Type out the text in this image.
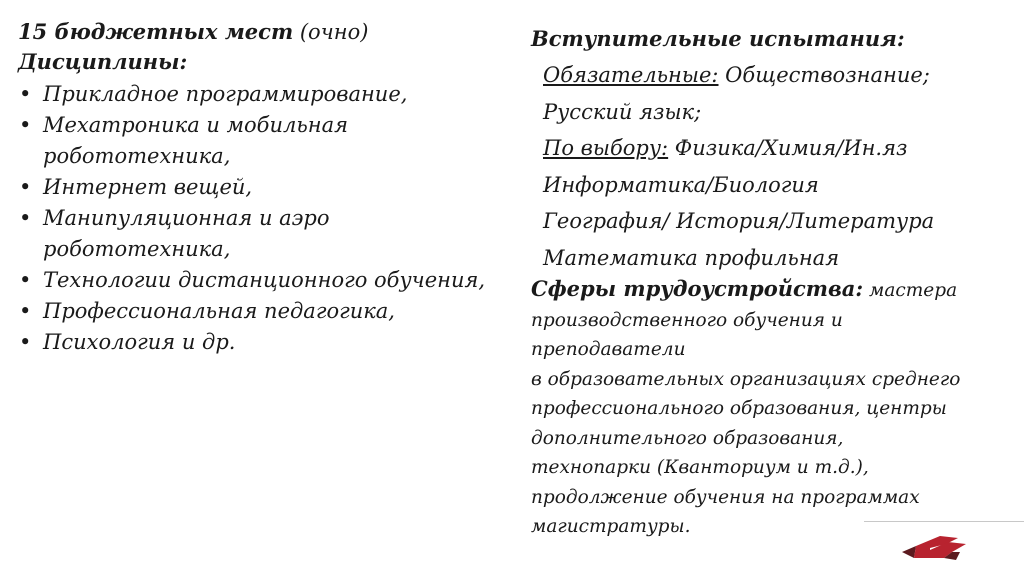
15 бюджетных мест (очно)
Дисциплины:
• Прикладное программирование,
• Мехатроника и мобильная робототехника,
• Интернет вещей,
• Манипуляционная и аэро робототехника,
• Технологии дистанционного обучения,
• Профессиональная педагогика,
• Психология и др.
Вступительные испытания:
Обязательные: Обществознание;
Русский язык;
По выбору: Физика/Химия/Ин.яз
Информатика/Биология
География/ История/Литература
Математика профильная
Сферы трудоустройства: мастера
производственного обучения и
преподаватели
в образовательных организациях среднего
профессионального образования, центры
дополнительного образования,
технопарки (Кванториум и т.д.),
продолжение обучения на программах
магистратуры.
